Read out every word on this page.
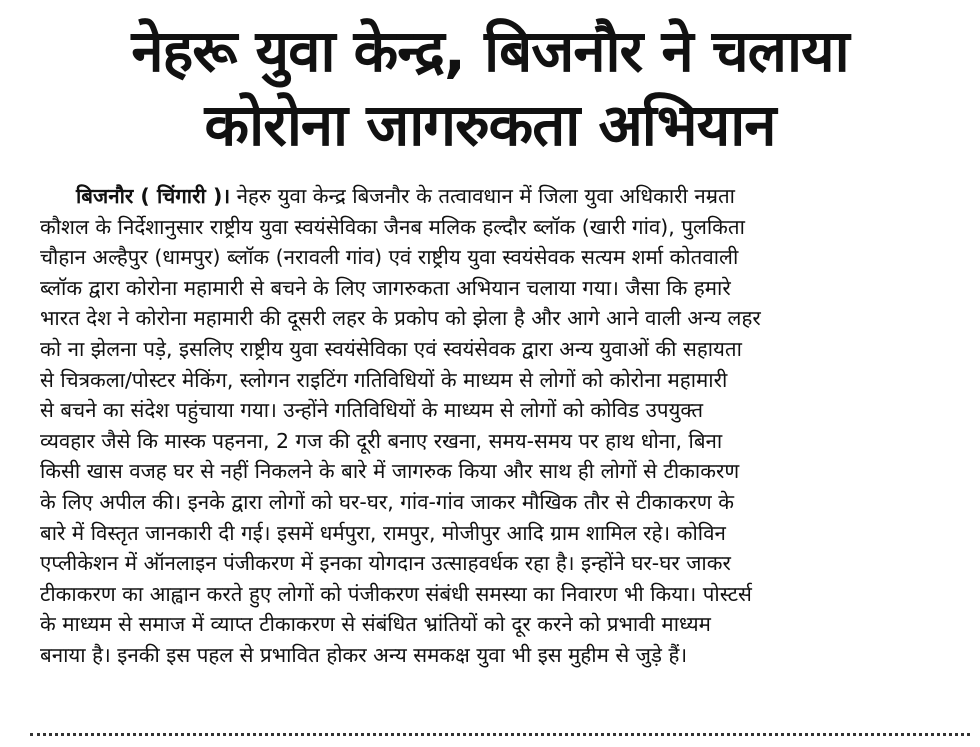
नेहरू युवा केन्द्र, बिजनौर ने चलाया
कोरोना जागरुकता अभियान
बिजनौर ( चिंगारी )। नेहरु युवा केन्द्र बिजनौर के तत्वावधान में जिला युवा अधिकारी नम्रता
कौशल के निर्देशानुसार राष्ट्रीय युवा स्वयंसेविका जैनब मलिक हल्दौर ब्लॉक (खारी गांव), पुलकिता
चौहान अल्हैपुर (धामपुर) ब्लॉक (नरावली गांव) एवं राष्ट्रीय युवा स्वयंसेवक सत्यम शर्मा कोतवाली
ब्लॉक द्वारा कोरोना महामारी से बचने के लिए जागरुकता अभियान चलाया गया। जैसा कि हमारे
भारत देश ने कोरोना महामारी की दूसरी लहर के प्रकोप को झेला है और आगे आने वाली अन्य लहर
को ना झेलना पड़े, इसलिए राष्ट्रीय युवा स्वयंसेविका एवं स्वयंसेवक द्वारा अन्य युवाओं की सहायता
से चित्रकला/पोस्टर मेकिंग, स्लोगन राइटिंग गतिविधियों के माध्यम से लोगों को कोरोना महामारी
से बचने का संदेश पहुंचाया गया। उन्होंने गतिविधियों के माध्यम से लोगों को कोविड उपयुक्त
व्यवहार जैसे कि मास्क पहनना, 2 गज की दूरी बनाए रखना, समय-समय पर हाथ धोना, बिना
किसी खास वजह घर से नहीं निकलने के बारे में जागरुक किया और साथ ही लोगों से टीकाकरण
के लिए अपील की। इनके द्वारा लोगों को घर-घर, गांव-गांव जाकर मौखिक तौर से टीकाकरण के
बारे में विस्तृत जानकारी दी गई। इसमें धर्मपुरा, रामपुर, मोजीपुर आदि ग्राम शामिल रहे। कोविन
एप्लीकेशन में ऑनलाइन पंजीकरण में इनका योगदान उत्साहवर्धक रहा है। इन्होंने घर-घर जाकर
टीकाकरण का आह्वान करते हुए लोगों को पंजीकरण संबंधी समस्या का निवारण भी किया। पोस्टर्स
के माध्यम से समाज में व्याप्त टीकाकरण से संबंधित भ्रांतियों को दूर करने को प्रभावी माध्यम
बनाया है। इनकी इस पहल से प्रभावित होकर अन्य समकक्ष युवा भी इस मुहीम से जुड़े हैं।
